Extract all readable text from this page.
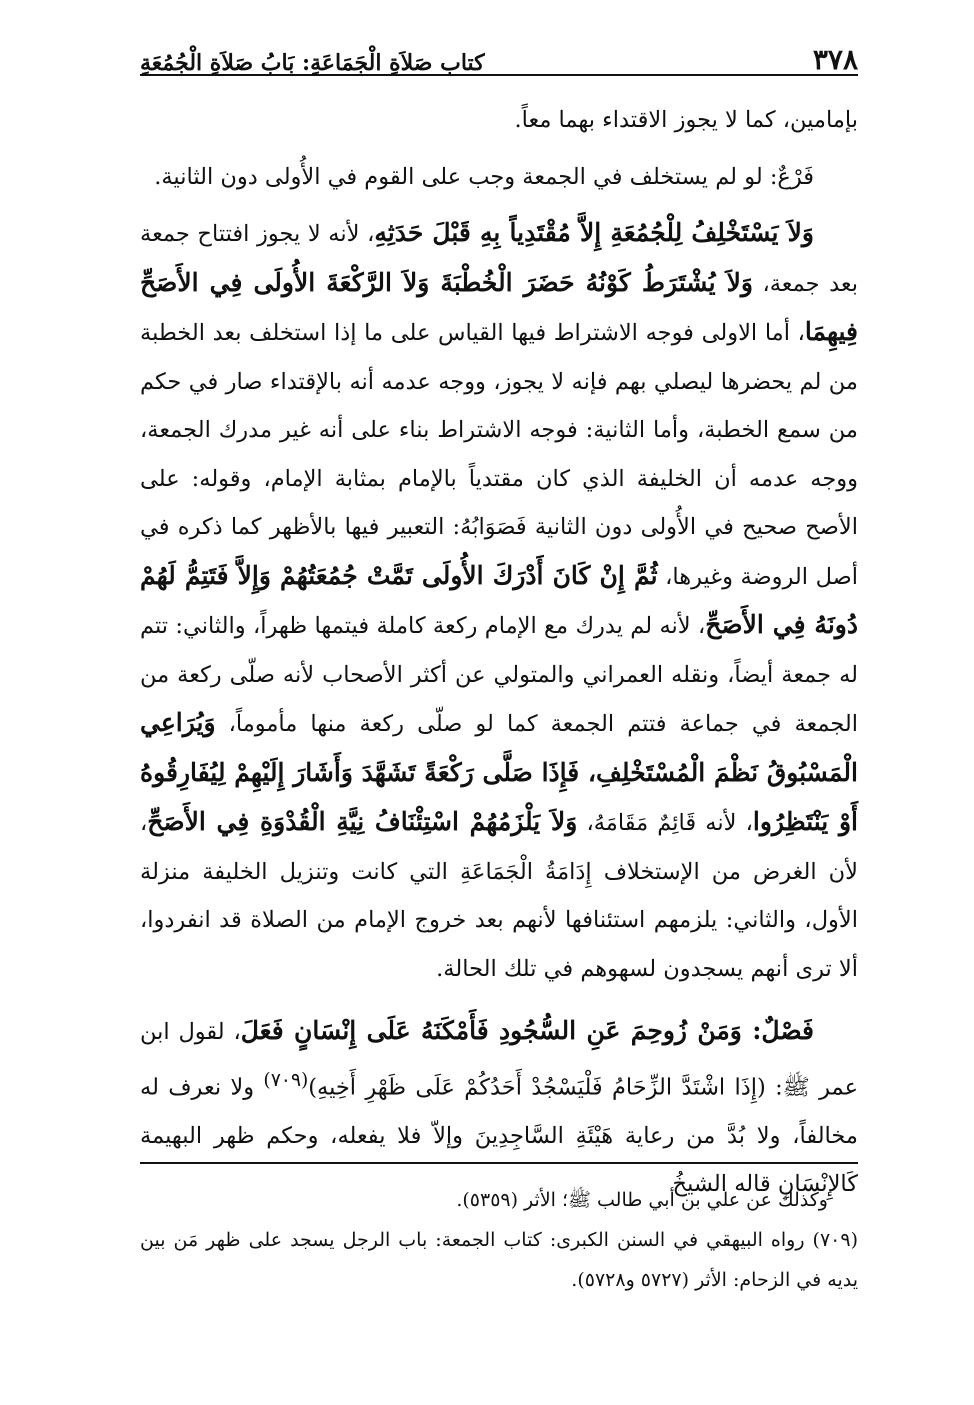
٣٧٨
كتاب صَلاَةِ الْجَمَاعَةِ: بَابُ صَلاَةِ الْجُمُعَةِ

بإمامين، كما لا يجوز الاقتداء بهما معاً.

فَرْعٌ: لو لم يستخلف في الجمعة وجب على القوم في الأُولى دون الثانية.

وَلاَ يَسْتَخْلِفُ لِلْجُمُعَةِ إِلاَّ مُقْتَدِياً بِهِ قَبْلَ حَدَثِهِ، لأنه لا يجوز افتتاح جمعة بعد جمعة، وَلاَ يُشْتَرَطُ كَوْنُهُ حَضَرَ الْخُطْبَةَ وَلاَ الرَّكْعَةَ الأُولَى فِي الأَصَحِّ فِيهِمَا، أما الاولى فوجه الاشتراط فيها القياس على ما إذا استخلف بعد الخطبة من لم يحضرها ليصلي بهم فإنه لا يجوز، ووجه عدمه أنه بالإقتداء صار في حكم من سمع الخطبة، وأما الثانية: فوجه الاشتراط بناء على أنه غير مدرك الجمعة، ووجه عدمه أن الخليفة الذي كان مقتدياً بالإمام بمثابة الإمام، وقوله: على الأصح صحيح في الأُولى دون الثانية فَصَوَابُهُ: التعبير فيها بالأظهر كما ذكره في أصل الروضة وغيرها، ثُمَّ إِنْ كَانَ أَدْرَكَ الأُولَى تَمَّتْ جُمُعَتُهُمْ وَإِلاَّ فَتَتِمُّ لَهُمْ دُونَهُ فِي الأَصَحِّ، لأنه لم يدرك مع الإمام ركعة كاملة فيتمها ظهراً، والثاني: تتم له جمعة أيضاً، ونقله العمراني والمتولي عن أكثر الأصحاب لأنه صلّى ركعة من الجمعة في جماعة فتتم الجمعة كما لو صلّى ركعة منها مأموماً، وَيُرَاعِي الْمَسْبُوقُ نَظْمَ الْمُسْتَخْلِفِ، فَإِذَا صَلَّى رَكْعَةً تَشَهَّدَ وَأَشَارَ إِلَيْهِمْ لِيُفَارِقُوهُ أَوْ يَنْتَظِرُوا، لأنه قَائِمٌ مَقَامَهُ، وَلاَ يَلْزَمُهُمْ اسْتِئْنَافُ نِيَّةِ الْقُدْوَةِ فِي الأَصَحِّ، لأن الغرض من الإستخلاف إِدَامَةُ الْجَمَاعَةِ التي كانت وتنزيل الخليفة منزلة الأول، والثاني: يلزمهم استئنافها لأنهم بعد خروج الإمام من الصلاة قد انفردوا، ألا ترى أنهم يسجدون لسهوهم في تلك الحالة.

فَصْلٌ: وَمَنْ زُوحِمَ عَنِ السُّجُودِ فَأَمْكَنَهُ عَلَى إِنْسَانٍ فَعَلَ، لقول ابن عمر ﷺ: (إِذَا اشْتَدَّ الزِّحَامُ فَلْيَسْجُدْ أَحَدُكُمْ عَلَى ظَهْرِ أَخِيهِ)$^{(٧٠٩)}$ ولا نعرف له مخالفاً، ولا بُدَّ من رعاية هَيْئَةِ السَّاجِدِينَ وإلاّ فلا يفعله، وحكم ظهر البهيمة كَالإِنْسَانِ قاله الشيخُ

وكذلك عن علي بن أبي طالب ﷺ؛ الأثر (٥٣٥٩).

(٧٠٩) رواه البيهقي في السنن الكبرى: كتاب الجمعة: باب الرجل يسجد على ظهر مَن بين يديه في الزحام: الأثر (٥٧٢٧ و٥٧٢٨).
